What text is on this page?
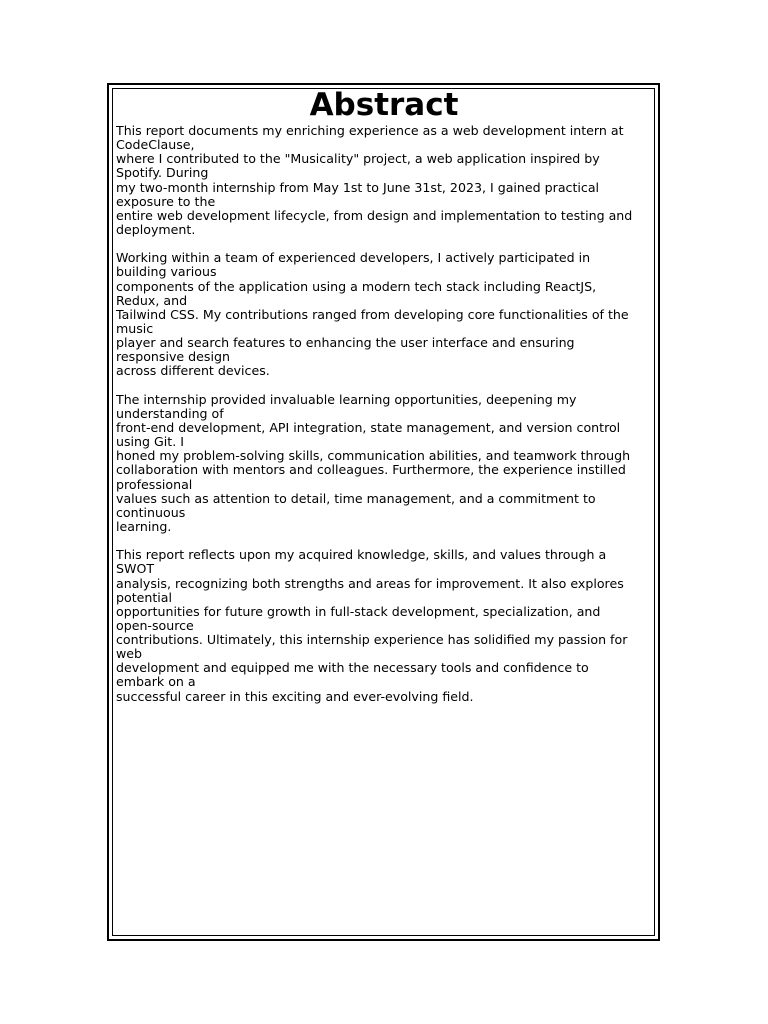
Abstract
This report documents my enriching experience as a web development intern at
CodeClause,
where I contributed to the "Musicality" project, a web application inspired by
Spotify. During
my two-month internship from May 1st to June 31st, 2023, I gained practical
exposure to the
entire web development lifecycle, from design and implementation to testing and
deployment.
Working within a team of experienced developers, I actively participated in
building various
components of the application using a modern tech stack including ReactJS,
Redux, and
Tailwind CSS. My contributions ranged from developing core functionalities of the
music
player and search features to enhancing the user interface and ensuring
responsive design
across different devices.
The internship provided invaluable learning opportunities, deepening my
understanding of
front-end development, API integration, state management, and version control
using Git. I
honed my problem-solving skills, communication abilities, and teamwork through
collaboration with mentors and colleagues. Furthermore, the experience instilled
professional
values such as attention to detail, time management, and a commitment to
continuous
learning.
This report reflects upon my acquired knowledge, skills, and values through a
SWOT
analysis, recognizing both strengths and areas for improvement. It also explores
potential
opportunities for future growth in full-stack development, specialization, and
open-source
contributions. Ultimately, this internship experience has solidified my passion for
web
development and equipped me with the necessary tools and confidence to
embark on a
successful career in this exciting and ever-evolving field.
